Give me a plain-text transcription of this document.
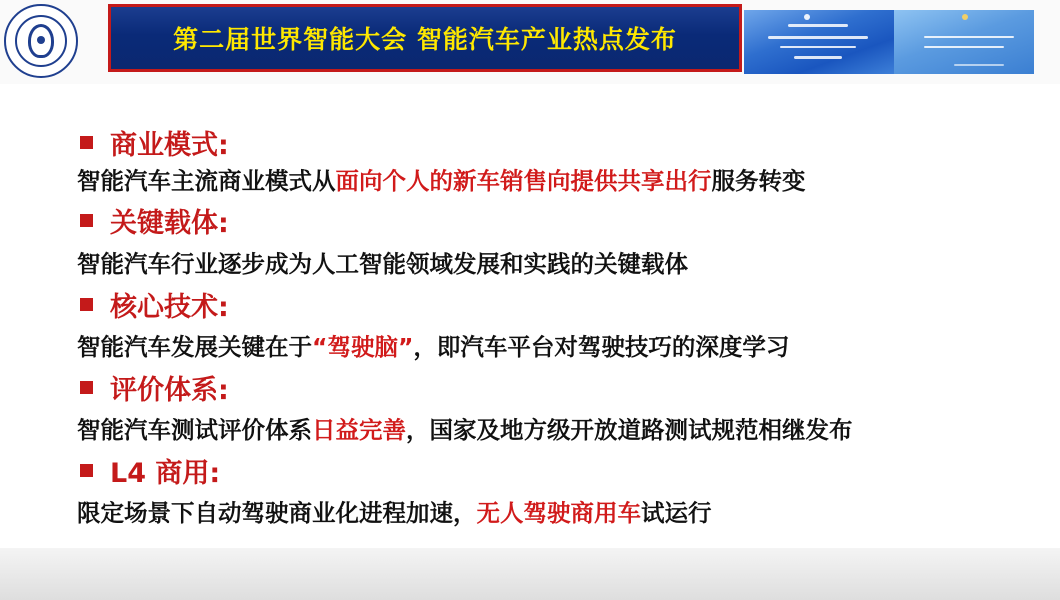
第二届世界智能大会 智能汽车产业热点发布
商业模式:
智能汽车主流商业模式从面向个人的新车销售向提供共享出行服务转变
关键载体:
智能汽车行业逐步成为人工智能领域发展和实践的关键载体
核心技术:
智能汽车发展关键在于“驾驶脑”，即汽车平台对驾驶技巧的深度学习
评价体系:
智能汽车测试评价体系日益完善，国家及地方级开放道路测试规范相继发布
L4 商用:
限定场景下自动驾驶商业化进程加速，无人驾驶商用车试运行
